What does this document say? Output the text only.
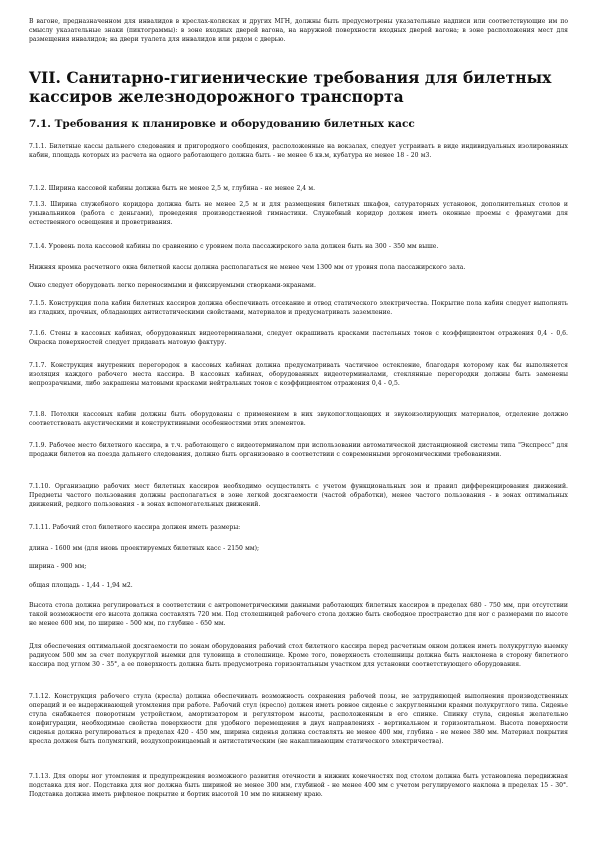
В вагоне, предназначенном для инвалидов в креслах-колясках и других МГН, должны быть предусмотрены указательные надписи или соответствующие им по смыслу указательные знаки (пиктограммы): в зоне входных дверей вагона, на наружной поверхности входных дверей вагона; в зоне расположения мест для размещения инвалидов; на двери туалета для инвалидов или рядом с дверью.

VII. Санитарно-гигиенические требования для билетных кассиров железнодорожного транспорта
7.1. Требования к планировке и оборудованию билетных касс

7.1.1. Билетные кассы дальнего следования и пригородного сообщения, расположенные на вокзалах, следует устраивать в виде индивидуальных изолированных кабин, площадь которых из расчета на одного работающего должна быть - не менее 6 кв.м, кубатура не менее 18 - 20 м3.

7.1.2. Ширина кассовой кабины должна быть не менее 2,5 м, глубина - не менее 2,4 м.

7.1.3. Ширина служебного коридора должна быть не менее 2,5 м и для размещения билетных шкафов, сатураторных установок, дополнительных столов и умывальников (работа с деньгами), проведения производственной гимнастики. Служебный коридор должен иметь оконные проемы с фрамугами для естественного освещения и проветривания.

7.1.4. Уровень пола кассовой кабины по сравнению с уровнем пола пассажирского зала должен быть на 300 - 350 мм выше.

Нижняя кромка расчетного окна билетной кассы должна располагаться не менее чем 1300 мм от уровня пола пассажирского зала.

Окно следует оборудовать легко переносимыми и фиксируемыми створками-экранами.

7.1.5. Конструкция пола кабин билетных кассиров должна обеспечивать отсекание и отвод статического электричества. Покрытие пола кабин следует выполнять из гладких, прочных, обладающих антистатическими свойствами, материалов и предусматривать заземление.

7.1.6. Стены в кассовых кабинах, оборудованных видеотерминалами, следует окрашивать красками пастельных тонов с коэффициентом отражения 0,4 - 0,6. Окраска поверхностей следует придавать матовую фактуру.

7.1.7. Конструкция внутренних перегородок в кассовых кабинах должна предусматривать частичное остекление, благодаря которому как бы выполняется изоляция каждого рабочего места кассира. В кассовых кабинах, оборудованных видеотерминалами, стеклянные перегородки должны быть заменены непрозрачными, либо закрашены матовыми красками нейтральных тонов с коэффициентом отражения 0,4 - 0,5.

7.1.8. Потолки кассовых кабин должны быть оборудованы с применением в них звукопоглощающих и звукоизолирующих материалов, отделение должно соответствовать акустическими и конструктивными особенностями этих элементов.

7.1.9. Рабочее место билетного кассира, в т.ч. работающего с видеотерминалом при использовании автоматической дистанционной системы типа "Экспресс" для продажи билетов на поезда дальнего следования, должно быть организовано в соответствии с современными эргономическими требованиями.

7.1.10. Организацию рабочих мест билетных кассиров необходимо осуществлять с учетом функциональных зон и правил дифференцирования движений. Предметы частого пользования должны располагаться в зоне легкой досягаемости (частой обработки), менее частого пользования - в зонах оптимальных движений, редкого пользования - в зонах вспомогательных движений.

7.1.11. Рабочий стол билетного кассира должен иметь размеры:

длина - 1600 мм (для вновь проектируемых билетных касс - 2150 мм);

ширина - 900 мм;

общая площадь - 1,44 - 1,94 м2.

Высота стола должна регулироваться в соответствии с антропометрическими данными работающих билетных кассиров в пределах 680 - 750 мм, при отсутствии такой возможности его высота должна составлять 720 мм. Под столешницей рабочего стола должно быть свободное пространство для ног с размерами по высоте не менее 600 мм, по ширине - 500 мм, по глубине - 650 мм.

Для обеспечения оптимальной досягаемости по зонам оборудования рабочий стол билетного кассира перед расчетным окном должен иметь полукруглую выемку радиусом 500 мм за счет полукруглой выемки для туловища в столешнице. Кроме того, поверхность столешницы должна быть наклонена в сторону билетного кассира под углом 30 - 35°, а ее поверхность должна быть предусмотрена горизонтальным участком для установки соответствующего оборудования.

7.1.12. Конструкция рабочего стула (кресла) должна обеспечивать возможность сохранения рабочей позы, не затрудняющей выполнения производственных операций и ее выдерживающей утомления при работе. Рабочий стул (кресло) должен иметь ровное сиденье с закругленными краями полукруглого типа. Сиденье стула снабжается поворотным устройством, амортизатором и регулятором высоты, расположенным в его спинке. Спинку стула, сиденья желательно конфигурации, необходимые свойства поверхности для удобного перемещения в двух направлениях - вертикальном и горизонтальном. Высота поверхности сиденья должна регулироваться в пределах 420 - 450 мм, ширина сиденья должна составлять не менее 400 мм, глубина - не менее 380 мм. Материал покрытия кресла должен быть полумягкий, воздухопроницаемый и антистатическим (не накапливающим статического электричества).

7.1.13. Для опоры ног утомления и предупреждения возможного развития отечности в нижних конечностях под столом должна быть установлена передвижная подставка для ног. Подставка для ног должна быть шириной не менее 300 мм, глубиной - не менее 400 мм с учетом регулируемого наклона в пределах 15 - 30°. Подставка должна иметь рифленое покрытие и бортик высотой 10 мм по нижнему краю.
